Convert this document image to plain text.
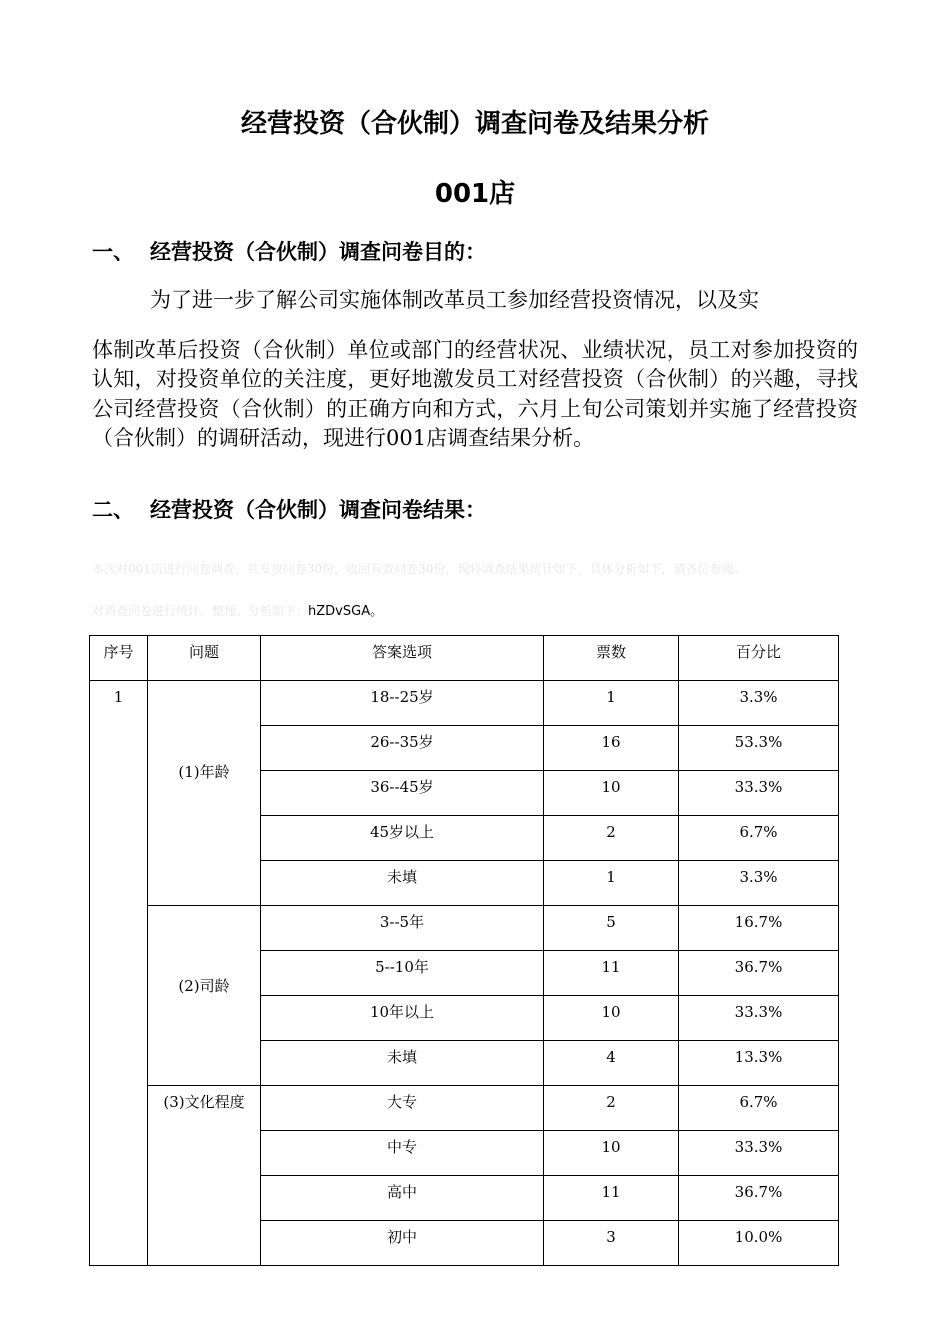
经营投资（合伙制）调查问卷及结果分析
001店
一、 经营投资（合伙制）调查问卷目的：
为了进一步了解公司实施体制改革员工参加经营投资情况，以及实
体制改革后投资（合伙制）单位或部门的经营状况、业绩状况，员工对参加投资的认知，对投资单位的关注度，更好地激发员工对经营投资（合伙制）的兴趣，寻找公司经营投资（合伙制）的正确方向和方式，六月上旬公司策划并实施了经营投资（合伙制）的调研活动，现进行001店调查结果分析。
二、 经营投资（合伙制）调查问卷结果：
本次对001店进行问卷调查，共发放问卷30份，收回有效问卷30份，现将调查结果统计如下，具体分析如下，请各位参阅。
对调查问卷进行统计、整理、分析如下：hZDvSGA。
序号	问题	答案选项	票数	百分比
1	(1)年龄	18--25岁	1	3.3%
		26--35岁	16	53.3%
		36--45岁	10	33.3%
		45岁以上	2	6.7%
		未填	1	3.3%
	(2)司龄	3--5年	5	16.7%
		5--10年	11	36.7%
		10年以上	10	33.3%
		未填	4	13.3%
	(3)文化程度	大专	2	6.7%
		中专	10	33.3%
		高中	11	36.7%
		初中	3	10.0%
